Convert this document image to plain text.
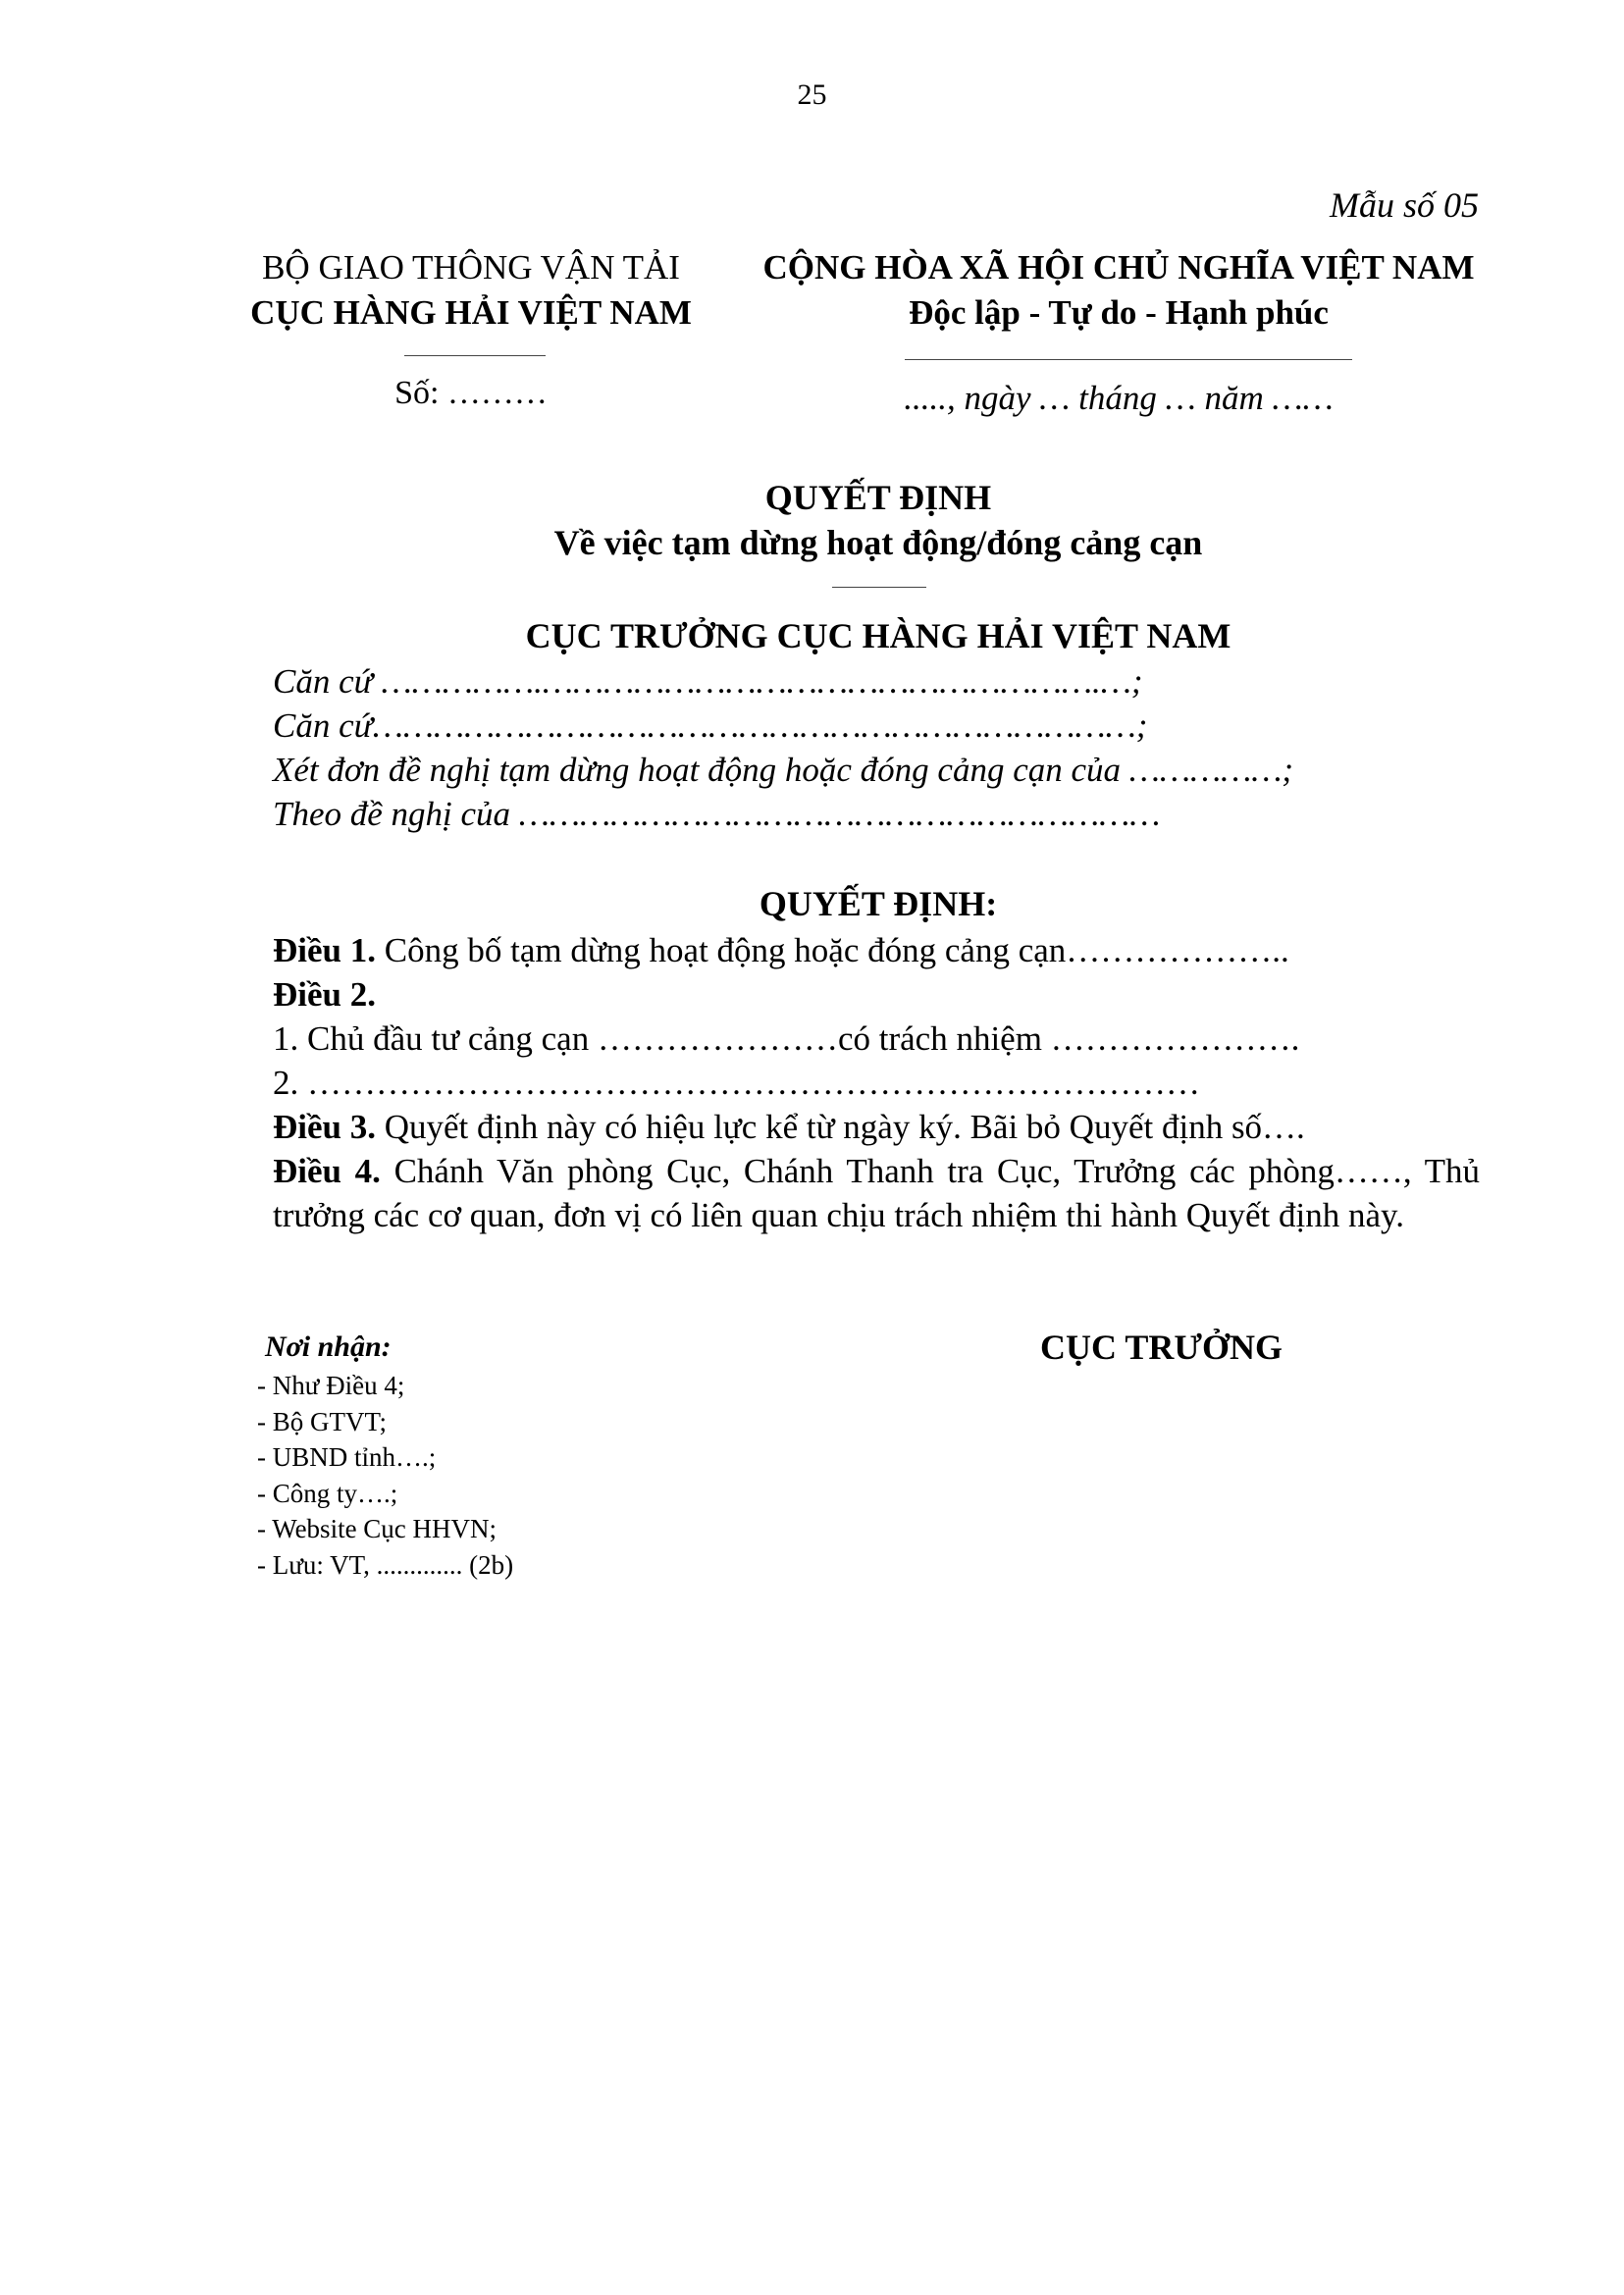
25
Mẫu số 05
BỘ GIAO THÔNG VẬN TẢI
CỤC HÀNG HẢI VIỆT NAM
Số: ………
CỘNG HÒA XÃ HỘI CHỦ NGHĨA VIỆT NAM
Độc lập - Tự do - Hạnh phúc
....., ngày … tháng … năm ……
QUYẾT ĐỊNH
Về việc tạm dừng hoạt động/đóng cảng cạn
CỤC TRƯỞNG CỤC HÀNG HẢI VIỆT NAM
Căn cứ …………….……………………………………………….…;
Căn cứ…………………………………………………………………;
Xét đơn đề nghị tạm dừng hoạt động hoặc đóng cảng cạn của ……………;
Theo đề nghị của ………………………………………………………
QUYẾT ĐỊNH:
Điều 1. Công bố tạm dừng hoạt động hoặc đóng cảng cạn………………..
Điều 2.
1. Chủ đầu tư cảng cạn …………………có trách nhiệm ………………….
2. ……………………………………………………………………
Điều 3. Quyết định này có hiệu lực kể từ ngày ký. Bãi bỏ Quyết định số….
Điều 4. Chánh Văn phòng Cục, Chánh Thanh tra Cục, Trưởng các phòng……, Thủ trưởng các cơ quan, đơn vị có liên quan chịu trách nhiệm thi hành Quyết định này.
Nơi nhận:
- Như Điều 4;
- Bộ GTVT;
- UBND tỉnh….;
- Công ty….;
- Website Cục HHVN;
- Lưu: VT, ............. (2b)
CỤC TRƯỞNG
